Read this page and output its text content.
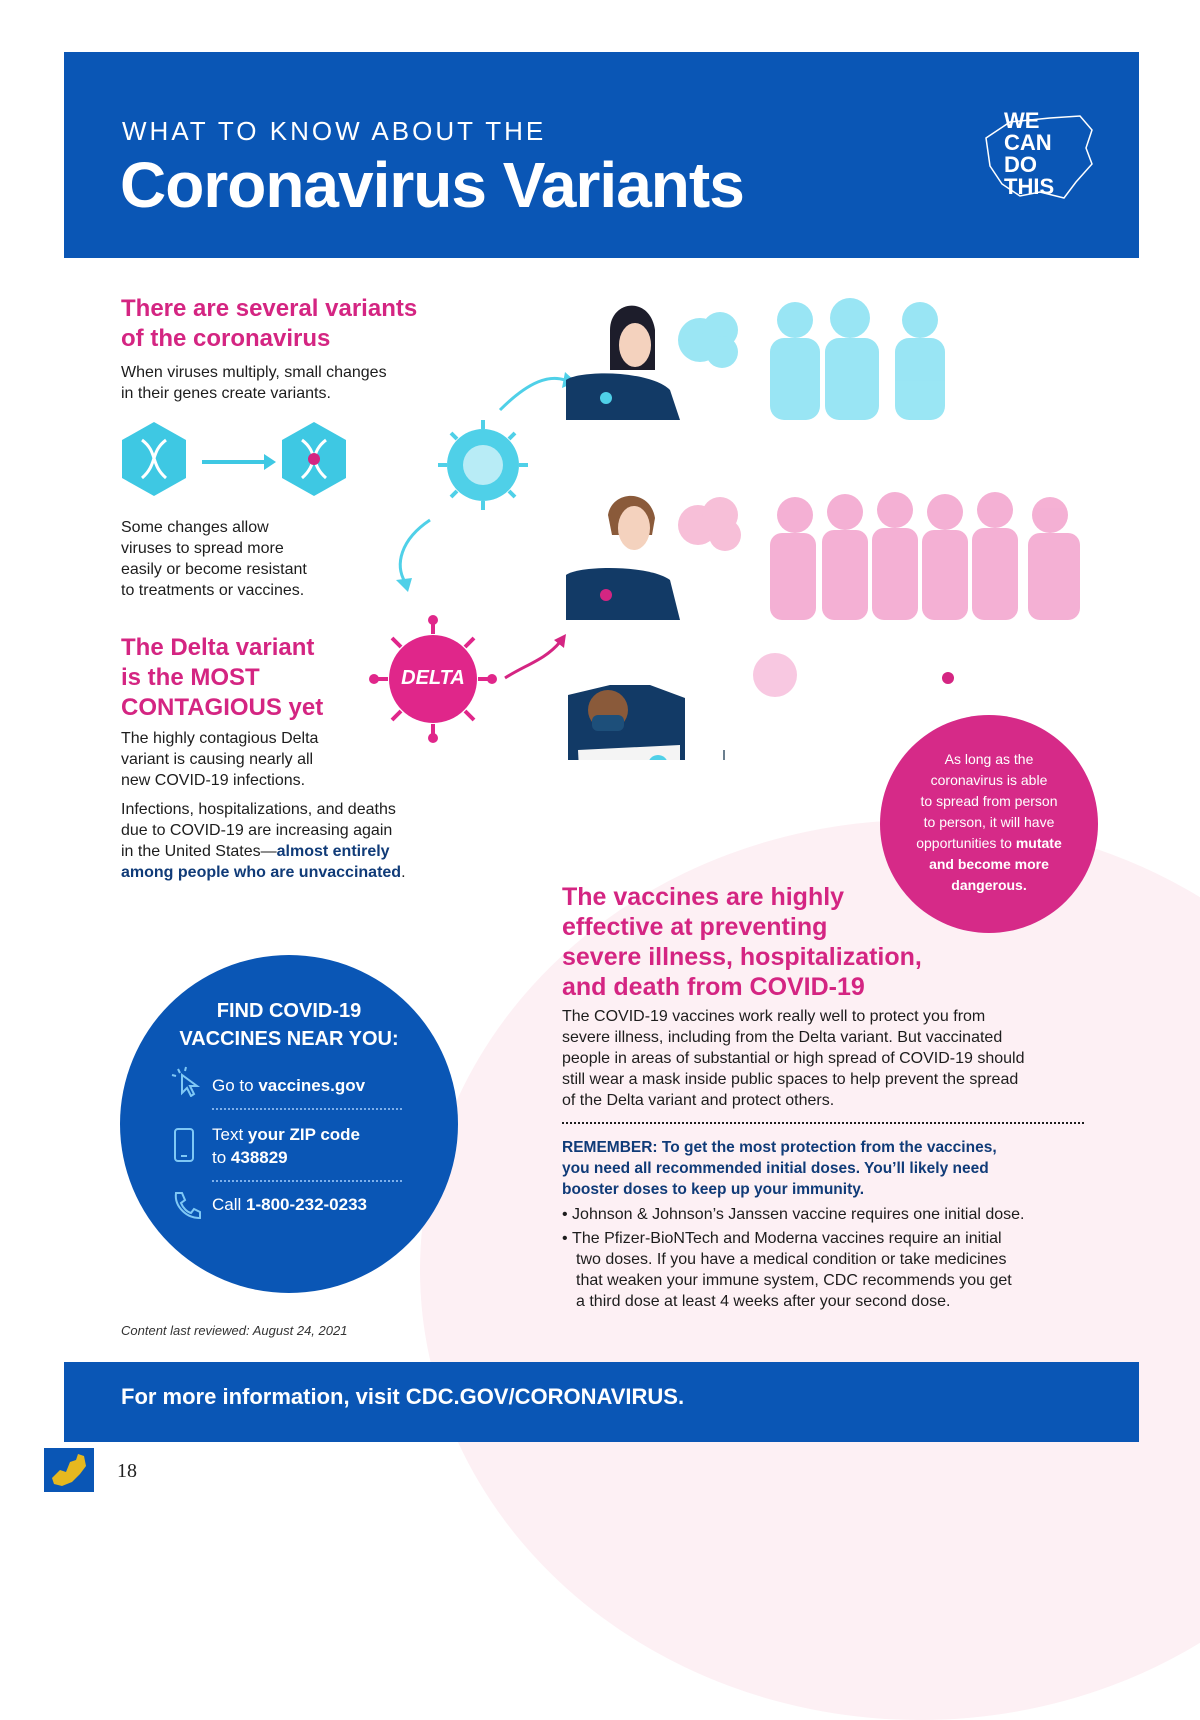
WHAT TO KNOW ABOUT THE
Coronavirus Variants
WE
CAN
DO
THIS
There are several variants
of the coronavirus
When viruses multiply, small changes
in their genes create variants.
Some changes allow
viruses to spread more
easily or become resistant
to treatments or vaccines.
DELTA
The Delta variant
is the MOST
CONTAGIOUS yet
The highly contagious Delta
variant is causing nearly all
new COVID-19 infections.
Infections, hospitalizations, and deaths
due to COVID-19 are increasing again
in the United States—almost entirely
among people who are unvaccinated.
As long as the
coronavirus is able
to spread from person
to person, it will have
opportunities to mutate
and become more
dangerous.
The vaccines are highly
effective at preventing
severe illness, hospitalization,
and death from COVID-19
The COVID-19 vaccines work really well to protect you from
severe illness, including from the Delta variant. But vaccinated
people in areas of substantial or high spread of COVID-19 should
still wear a mask inside public spaces to help prevent the spread
of the Delta variant and protect others.
REMEMBER: To get the most protection from the vaccines,
you need all recommended initial doses. You’ll likely need
booster doses to keep up your immunity.
• Johnson & Johnson’s Janssen vaccine requires one initial dose.
• The Pfizer-BioNTech and Moderna vaccines require an initial
two doses. If you have a medical condition or take medicines
that weaken your immune system, CDC recommends you get
a third dose at least 4 weeks after your second dose.
FIND COVID-19
VACCINES NEAR YOU:
Go to vaccines.gov
Text your ZIP code
to 438829
Call 1-800-232-0233
Content last reviewed: August 24, 2021
For more information, visit CDC.GOV/CORONAVIRUS.
18
